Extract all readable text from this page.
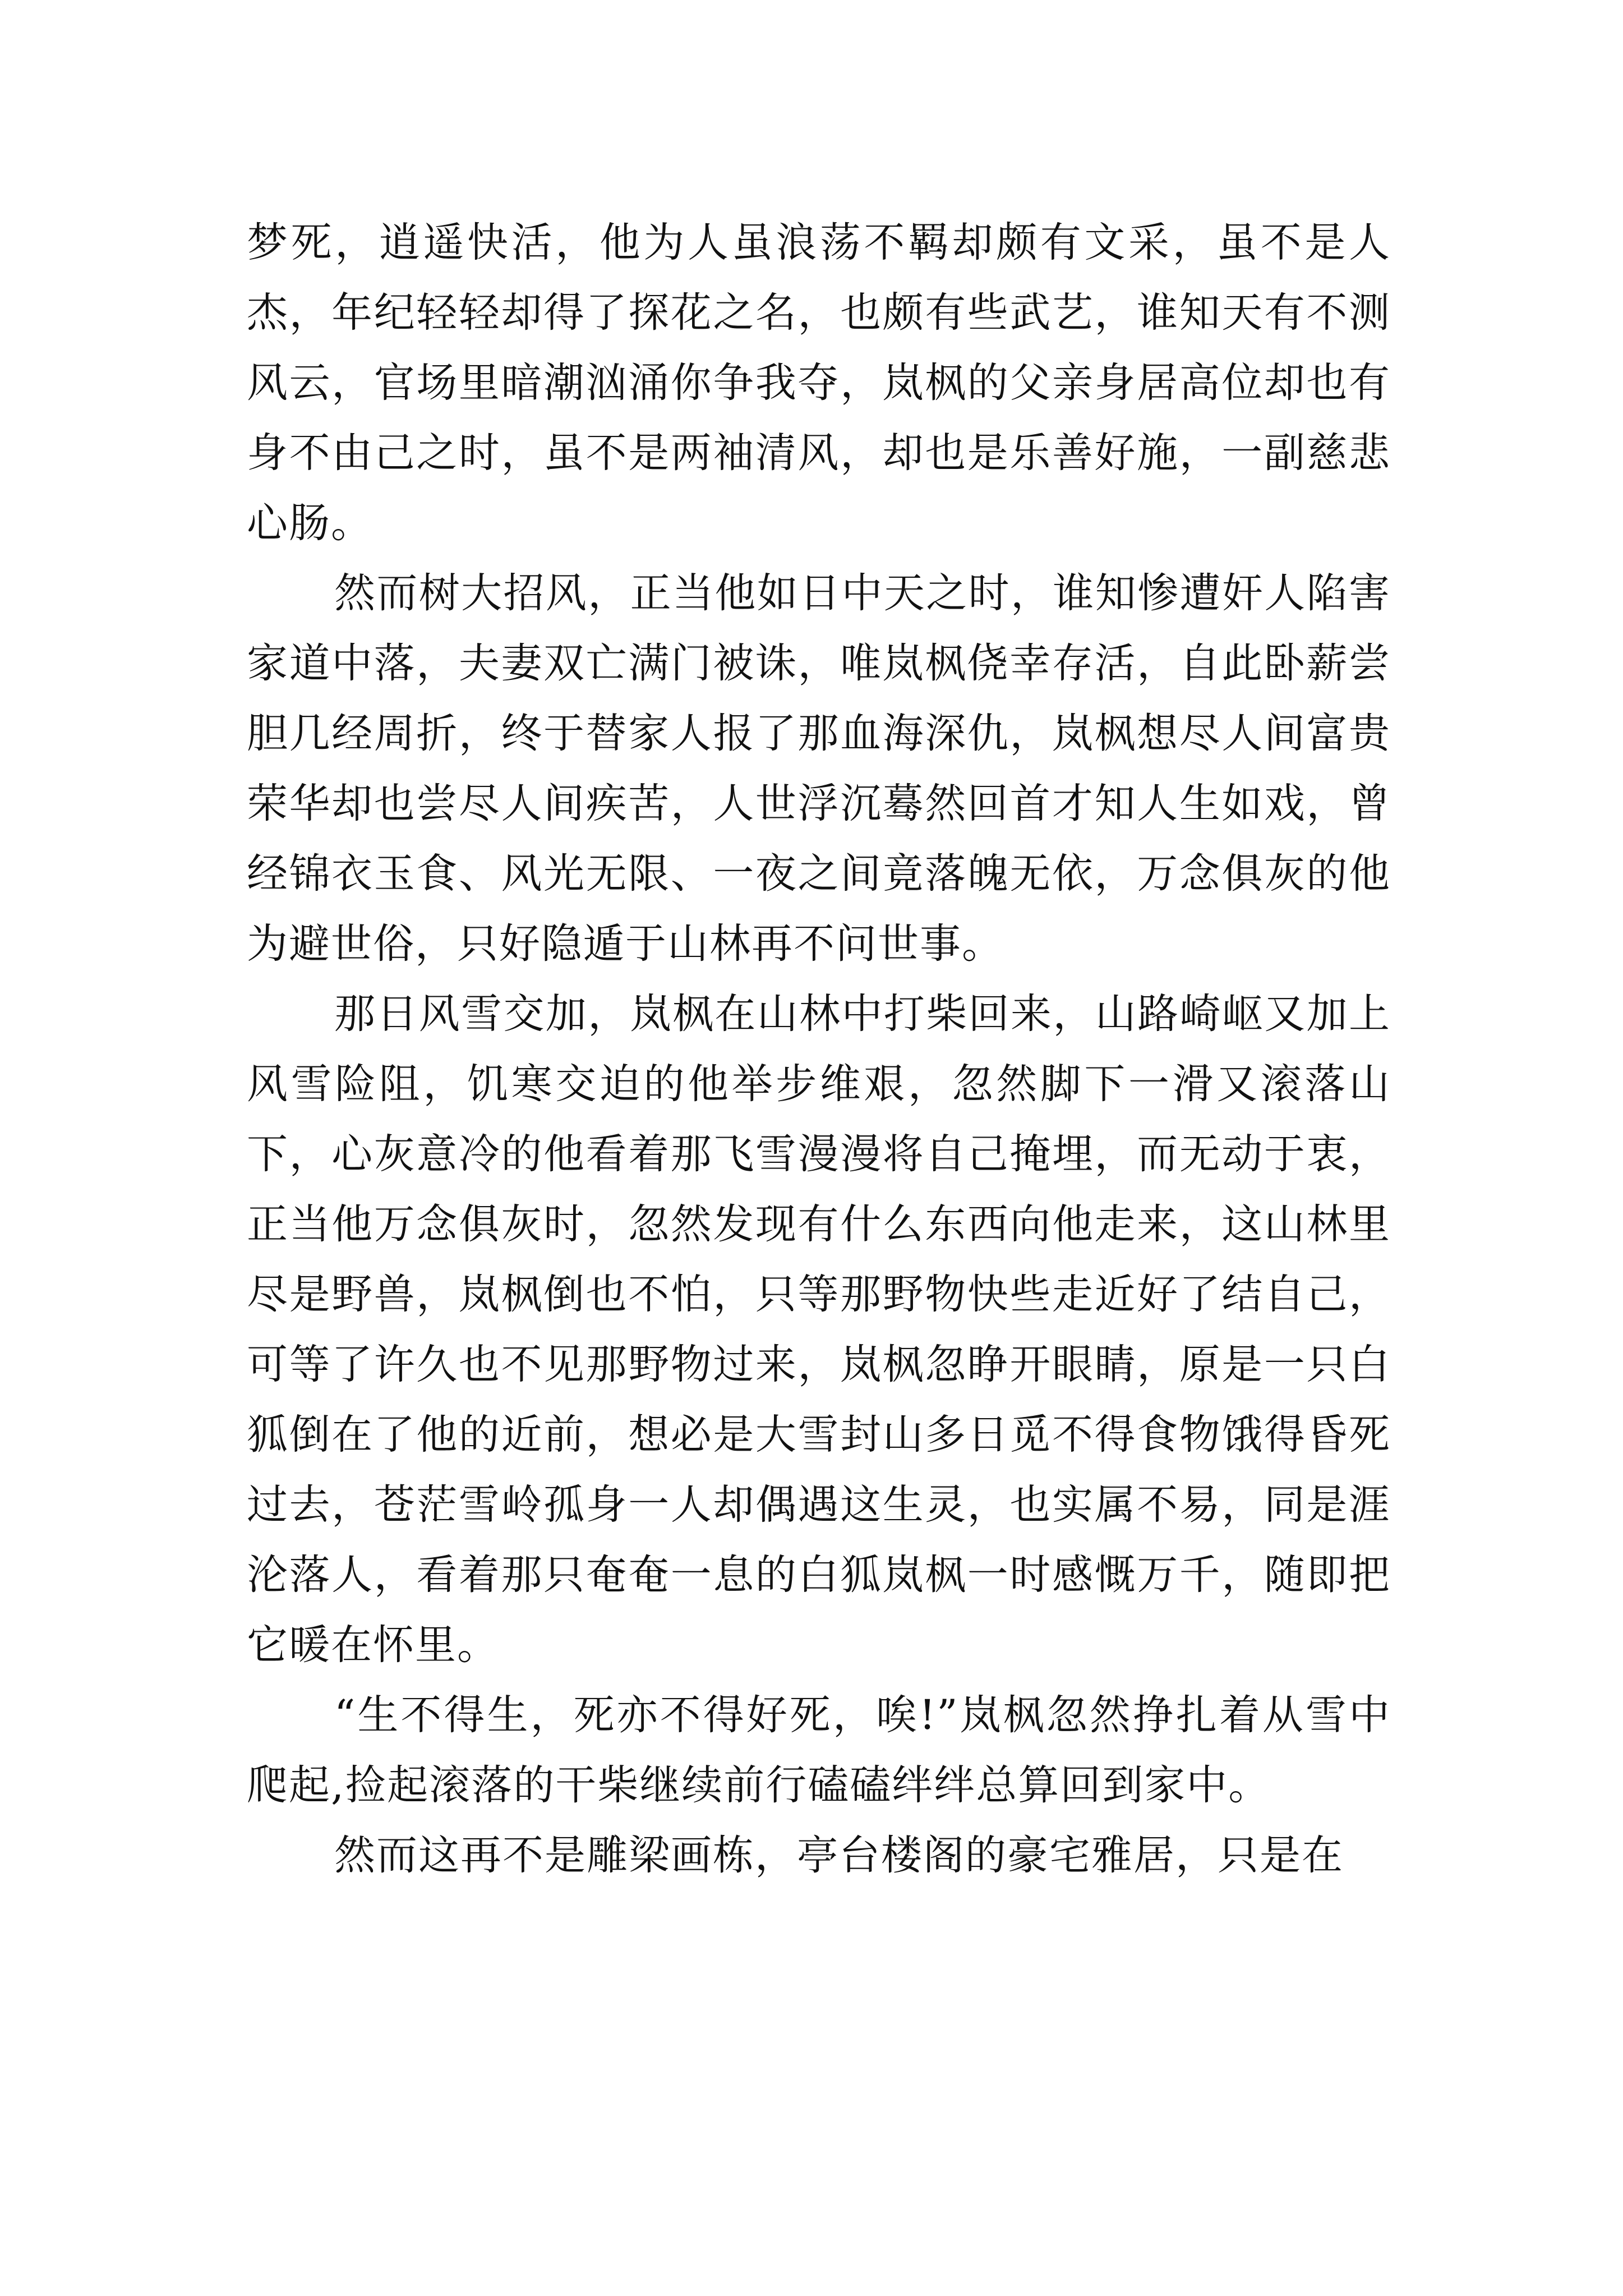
梦死，逍遥快活，他为人虽浪荡不羁却颇有文采，虽不是人杰，年纪轻轻却得了探花之名，也颇有些武艺，谁知天有不测风云，官场里暗潮汹涌你争我夺，岚枫的父亲身居高位却也有身不由己之时，虽不是两袖清风，却也是乐善好施，一副慈悲心肠。

然而树大招风，正当他如日中天之时，谁知惨遭奸人陷害家道中落，夫妻双亡满门被诛，唯岚枫侥幸存活，自此卧薪尝胆几经周折，终于替家人报了那血海深仇，岚枫想尽人间富贵荣华却也尝尽人间疾苦，人世浮沉蓦然回首才知人生如戏，曾经锦衣玉食、风光无限、一夜之间竟落魄无依，万念俱灰的他为避世俗，只好隐遁于山林再不问世事。

那日风雪交加，岚枫在山林中打柴回来，山路崎岖又加上风雪险阻，饥寒交迫的他举步维艰，忽然脚下一滑又滚落山下，心灰意冷的他看着那飞雪漫漫将自己掩埋，而无动于衷，正当他万念俱灰时，忽然发现有什么东西向他走来，这山林里尽是野兽，岚枫倒也不怕，只等那野物快些走近好了结自己，可等了许久也不见那野物过来，岚枫忽睁开眼睛，原是一只白狐倒在了他的近前，想必是大雪封山多日觅不得食物饿得昏死过去，苍茫雪岭孤身一人却偶遇这生灵，也实属不易，同是涯沦落人，看着那只奄奄一息的白狐岚枫一时感慨万千，随即把它暖在怀里。

“生不得生，死亦不得好死，唉!”岚枫忽然挣扎着从雪中爬起,捡起滚落的干柴继续前行磕磕绊绊总算回到家中。

然而这再不是雕梁画栋，亭台楼阁的豪宅雅居，只是在
